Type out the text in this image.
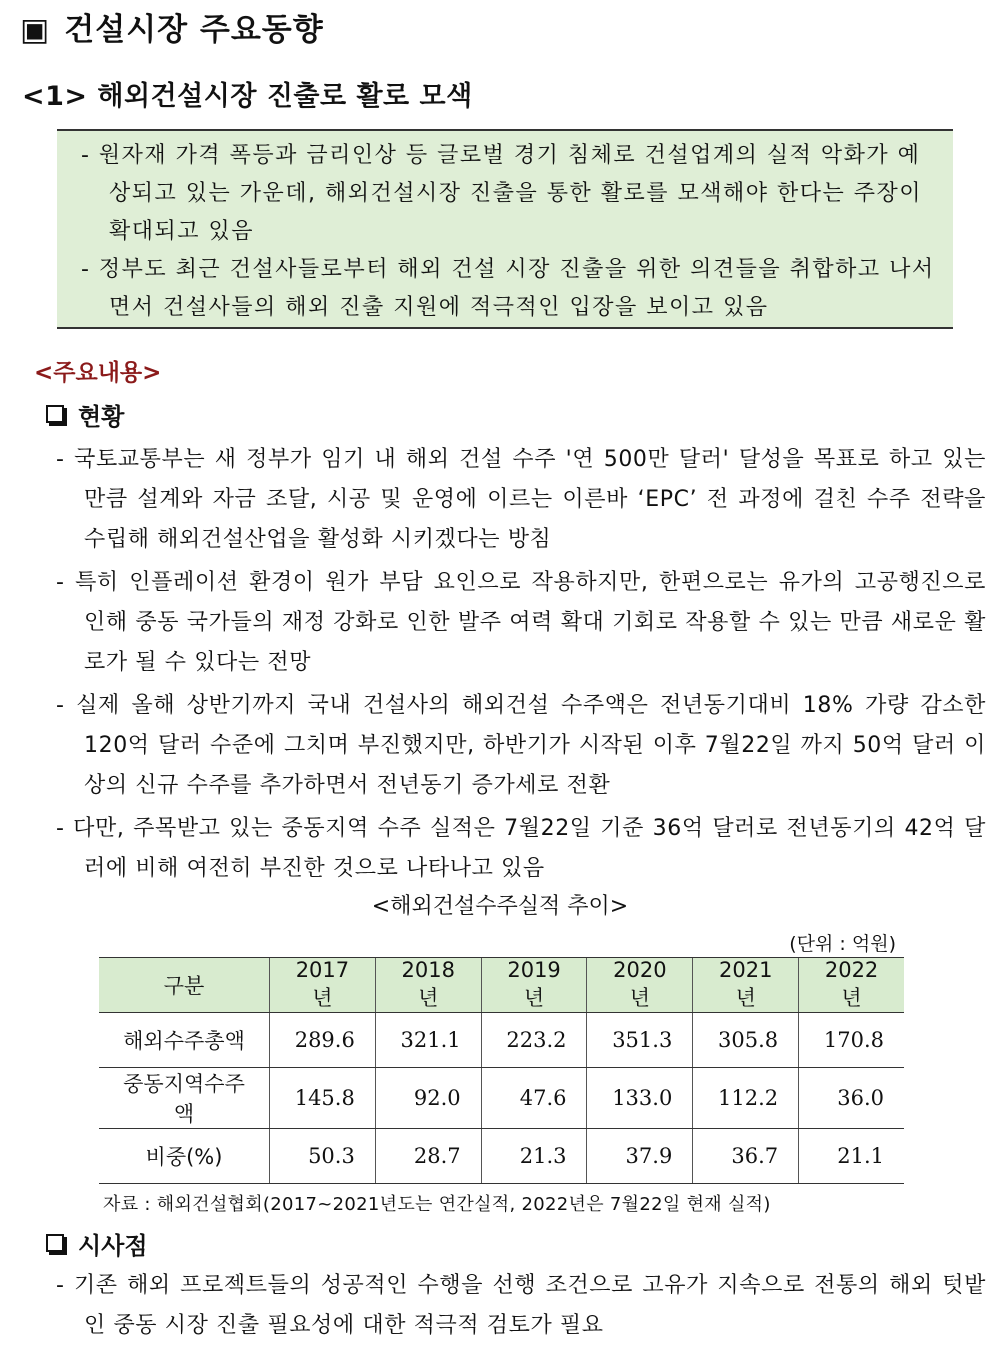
▣ 건설시장 주요동향
<1> 해외건설시장 진출로 활로 모색
- 원자재 가격 폭등과 금리인상 등 글로벌 경기 침체로 건설업계의 실적 악화가 예상되고 있는 가운데, 해외건설시장 진출을 통한 활로를 모색해야 한다는 주장이 확대되고 있음
- 정부도 최근 건설사들로부터 해외 건설 시장 진출을 위한 의견들을 취합하고 나서면서 건설사들의 해외 진출 지원에 적극적인 입장을 보이고 있음
<주요내용>
현황
- 국토교통부는 새 정부가 임기 내 해외 건설 수주 '연 500만 달러' 달성을 목표로 하고 있는 만큼 설계와 자금 조달, 시공 및 운영에 이르는 이른바 ‘EPC’ 전 과정에 걸친 수주 전략을 수립해 해외건설산업을 활성화 시키겠다는 방침
- 특히 인플레이션 환경이 원가 부담 요인으로 작용하지만, 한편으로는 유가의 고공행진으로 인해 중동 국가들의 재정 강화로 인한 발주 여력 확대 기회로 작용할 수 있는 만큼 새로운 활로가 될 수 있다는 전망
- 실제 올해 상반기까지 국내 건설사의 해외건설 수주액은 전년동기대비 18% 가량 감소한 120억 달러 수준에 그치며 부진했지만, 하반기가 시작된 이후 7월22일 까지 50억 달러 이상의 신규 수주를 추가하면서 전년동기 증가세로 전환
- 다만, 주목받고 있는 중동지역 수주 실적은 7월22일 기준 36억 달러로 전년동기의 42억 달러에 비해 여전히 부진한 것으로 나타나고 있음
<해외건설수주실적 추이>
(단위 : 억원)
구분	2017년	2018년	2019년	2020년	2021년	2022년
해외수주총액	289.6	321.1	223.2	351.3	305.8	170.8
중동지역수주액	145.8	92.0	47.6	133.0	112.2	36.0
비중(%)	50.3	28.7	21.3	37.9	36.7	21.1
자료 : 해외건설협회(2017~2021년도는 연간실적, 2022년은 7월22일 현재 실적)
시사점
- 기존 해외 프로젝트들의 성공적인 수행을 선행 조건으로 고유가 지속으로 전통의 해외 텃밭인 중동 시장 진출 필요성에 대한 적극적 검토가 필요
